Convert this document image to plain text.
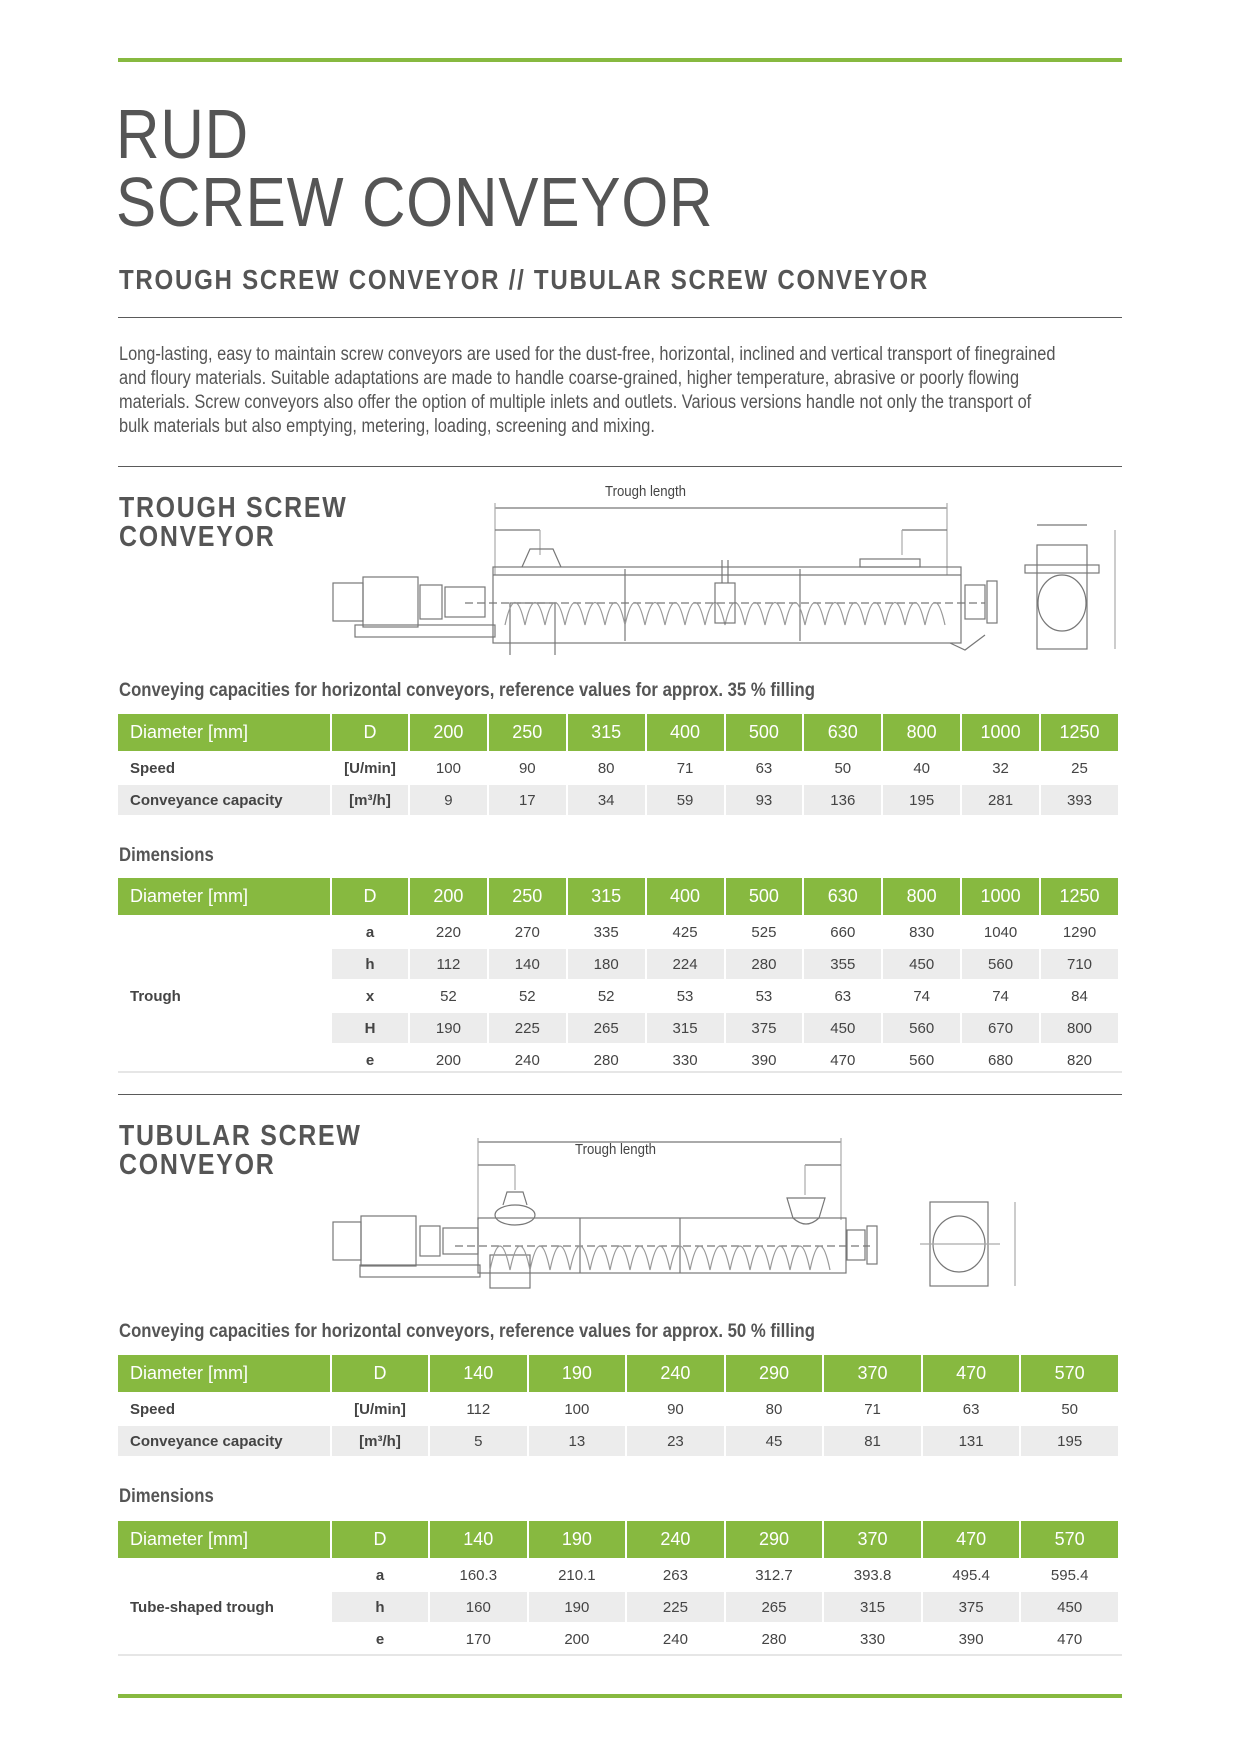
RUD
SCREW CONVEYOR
TROUGH SCREW CONVEYOR // TUBULAR SCREW CONVEYOR

Long-lasting, easy to maintain screw conveyors are used for the dust-free, horizontal, inclined and vertical transport of finegrained and floury materials. Suitable adaptations are made to handle coarse-grained, higher temperature, abrasive or poorly flowing materials. Screw conveyors also offer the option of multiple inlets and outlets. Various versions handle not only the transport of bulk materials but also emptying, metering, loading, screening and mixing.

TROUGH SCREW
CONVEYOR
Trough length

Conveying capacities for horizontal conveyors, reference values for approx. 35 % filling

Diameter [mm]	D	200	250	315	400	500	630	800	1000	1250
Speed	[U/min]	100	90	80	71	63	50	40	32	25
Conveyance capacity	[m³/h]	9	17	34	59	93	136	195	281	393

Dimensions

Diameter [mm]	D	200	250	315	400	500	630	800	1000	1250
Trough	a	220	270	335	425	525	660	830	1040	1290
	h	112	140	180	224	280	355	450	560	710
	x	52	52	52	53	53	63	74	74	84
	H	190	225	265	315	375	450	560	670	800
	e	200	240	280	330	390	470	560	680	820
TUBULAR SCREW
CONVEYOR	Trough length

Conveying capacities for horizontal conveyors, reference values for approx. 50 % filling

Diameter [mm]	D	140	190	240	290	370	470	570
Speed	[U/min]	112	100	90	80	71	63	50
Conveyance capacity	[m³/h]	5	13	23	45	81	131	195

Dimensions

Diameter [mm]	D	140	190	240	290	370	470	570
Tube-shaped trough	a	160.3	210.1	263	312.7	393.8	495.4	595.4
	h	160	190	225	265	315	375	450
	e	170	200	240	280	330	390	470
